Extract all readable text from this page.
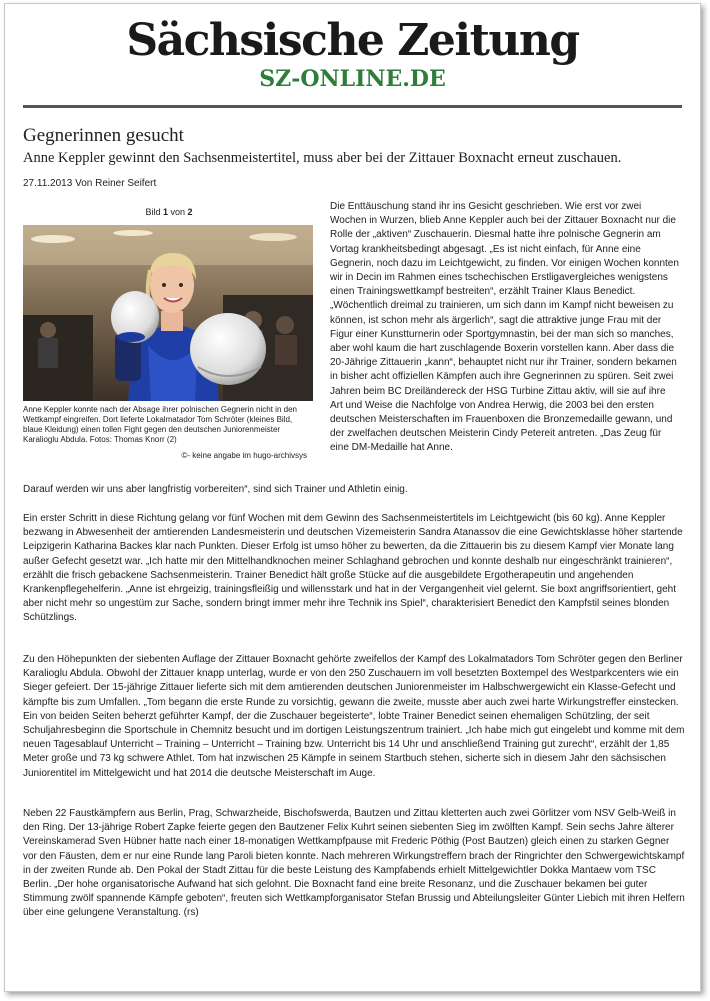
Sächsische Zeitung
SZ-ONLINE.DE
Gegnerinnen gesucht
Anne Keppler gewinnt den Sachsenmeistertitel, muss aber bei der Zittauer Boxnacht erneut zuschauen.
27.11.2013 Von Reiner Seifert
Bild 1 von 2
Anne Keppler konnte nach der Absage ihrer polnischen Gegnerin nicht in den Wettkampf eingreifen. Dort lieferte Lokalmatador Tom Schröter (kleines Bild, blaue Kleidung) einen tollen Fight gegen den deutschen Juniorenmeister Karalioglu Abdula. Fotos: Thomas Knorr (2)
©- keine angabe im hugo-archivsys

Die Enttäuschung stand ihr ins Gesicht geschrieben. Wie erst vor zwei Wochen in Wurzen, blieb Anne Keppler auch bei der Zittauer Boxnacht nur die Rolle der „aktiven“ Zuschauerin. Diesmal hatte ihre polnische Gegnerin am Vortag krankheitsbedingt abgesagt. „Es ist nicht einfach, für Anne eine Gegnerin, noch dazu im Leichtgewicht, zu finden. Vor einigen Wochen konnten wir in Decin im Rahmen eines tschechischen Erstligavergleiches wenigstens einen Trainingswettkampf bestreiten“, erzählt Trainer Klaus Benedict. „Wöchentlich dreimal zu trainieren, um sich dann im Kampf nicht beweisen zu können, ist schon mehr als ärgerlich“, sagt die attraktive junge Frau mit der Figur einer Kunstturnerin oder Sportgymnastin, bei der man sich so manches, aber wohl kaum die hart zuschlagende Boxerin vorstellen kann. Aber dass die 20-Jährige Zittauerin „kann“, behauptet nicht nur ihr Trainer, sondern bekamen in bisher acht offiziellen Kämpfen auch ihre Gegnerinnen zu spüren. Seit zwei Jahren beim BC Dreiländereck der HSG Turbine Zittau aktiv, will sie auf ihre Art und Weise die Nachfolge von Andrea Herwig, die 2003 bei den ersten deutschen Meisterschaften im Frauenboxen die Bronzemedaille gewann, und der zwelfachen deutschen Meisterin Cindy Petereit antreten. „Das Zeug für eine DM-Medaille hat Anne.

Darauf werden wir uns aber langfristig vorbereiten“, sind sich Trainer und Athletin einig.

Ein erster Schritt in diese Richtung gelang vor fünf Wochen mit dem Gewinn des Sachsenmeistertitels im Leichtgewicht (bis 60 kg). Anne Keppler bezwang in Abwesenheit der amtierenden Landesmeisterin und deutschen Vizemeisterin Sandra Atanassov die eine Gewichtsklasse höher startende Leipzigerin Katharina Backes klar nach Punkten. Dieser Erfolg ist umso höher zu bewerten, da die Zittauerin bis zu diesem Kampf vier Monate lang außer Gefecht gesetzt war. „Ich hatte mir den Mittelhandknochen meiner Schlaghand gebrochen und konnte deshalb nur eingeschränkt trainieren“, erzählt die frisch gebackene Sachsenmeisterin. Trainer Benedict hält große Stücke auf die ausgebildete Ergotherapeutin und angehenden Krankenpflegehelferin. „Anne ist ehrgeizig, trainingsfleißig und willensstark und hat in der Vergangenheit viel gelernt. Sie boxt angriffsorientiert, geht aber nicht mehr so ungestüm zur Sache, sondern bringt immer mehr ihre Technik ins Spiel“, charakterisiert Benedict den Kampfstil seines blonden Schützlings.

Zu den Höhepunkten der siebenten Auflage der Zittauer Boxnacht gehörte zweifellos der Kampf des Lokalmatadors Tom Schröter gegen den Berliner Karalioglu Abdula. Obwohl der Zittauer knapp unterlag, wurde er von den 250 Zuschauern im voll besetzten Boxtempel des Westparkcenters wie ein Sieger gefeiert. Der 15-jährige Zittauer lieferte sich mit dem amtierenden deutschen Juniorenmeister im Halbschwergewicht ein Klasse-Gefecht und kämpfte bis zum Umfallen. „Tom begann die erste Runde zu vorsichtig, gewann die zweite, musste aber auch zwei harte Wirkungstreffer einstecken. Ein von beiden Seiten beherzt geführter Kampf, der die Zuschauer begeisterte“, lobte Trainer Benedict seinen ehemaligen Schützling, der seit Schuljahresbeginn die Sportschule in Chemnitz besucht und im dortigen Leistungszentrum trainiert. „Ich habe mich gut eingelebt und komme mit dem neuen Tagesablauf Unterricht – Training – Unterricht – Training bzw. Unterricht bis 14 Uhr und anschließend Training gut zurecht“, erzählt der 1,85 Meter große und 73 kg schwere Athlet. Tom hat inzwischen 25 Kämpfe in seinem Startbuch stehen, sicherte sich in diesem Jahr den sächsischen Juniorentitel im Mittelgewicht und hat 2014 die deutsche Meisterschaft im Auge.

Neben 22 Faustkämpfern aus Berlin, Prag, Schwarzheide, Bischofswerda, Bautzen und Zittau kletterten auch zwei Görlitzer vom NSV Gelb-Weiß in den Ring. Der 13-jährige Robert Zapke feierte gegen den Bautzener Felix Kuhrt seinen siebenten Sieg im zwölften Kampf. Sein sechs Jahre älterer Vereinskamerad Sven Hübner hatte nach einer 18-monatigen Wettkampfpause mit Frederic Pöthig (Post Bautzen) gleich einen zu starken Gegner vor den Fäusten, dem er nur eine Runde lang Paroli bieten konnte. Nach mehreren Wirkungstreffern brach der Ringrichter den Schwergewichtskampf in der zweiten Runde ab. Den Pokal der Stadt Zittau für die beste Leistung des Kampfabends erhielt Mittelgewichtler Dokka Mantaew vom TSC Berlin. „Der hohe organisatorische Aufwand hat sich gelohnt. Die Boxnacht fand eine breite Resonanz, und die Zuschauer bekamen bei guter Stimmung zwölf spannende Kämpfe geboten“, freuten sich Wettkampforganisator Stefan Brussig und Abteilungsleiter Günter Liebich mit ihren Helfern über eine gelungene Veranstaltung. (rs)
